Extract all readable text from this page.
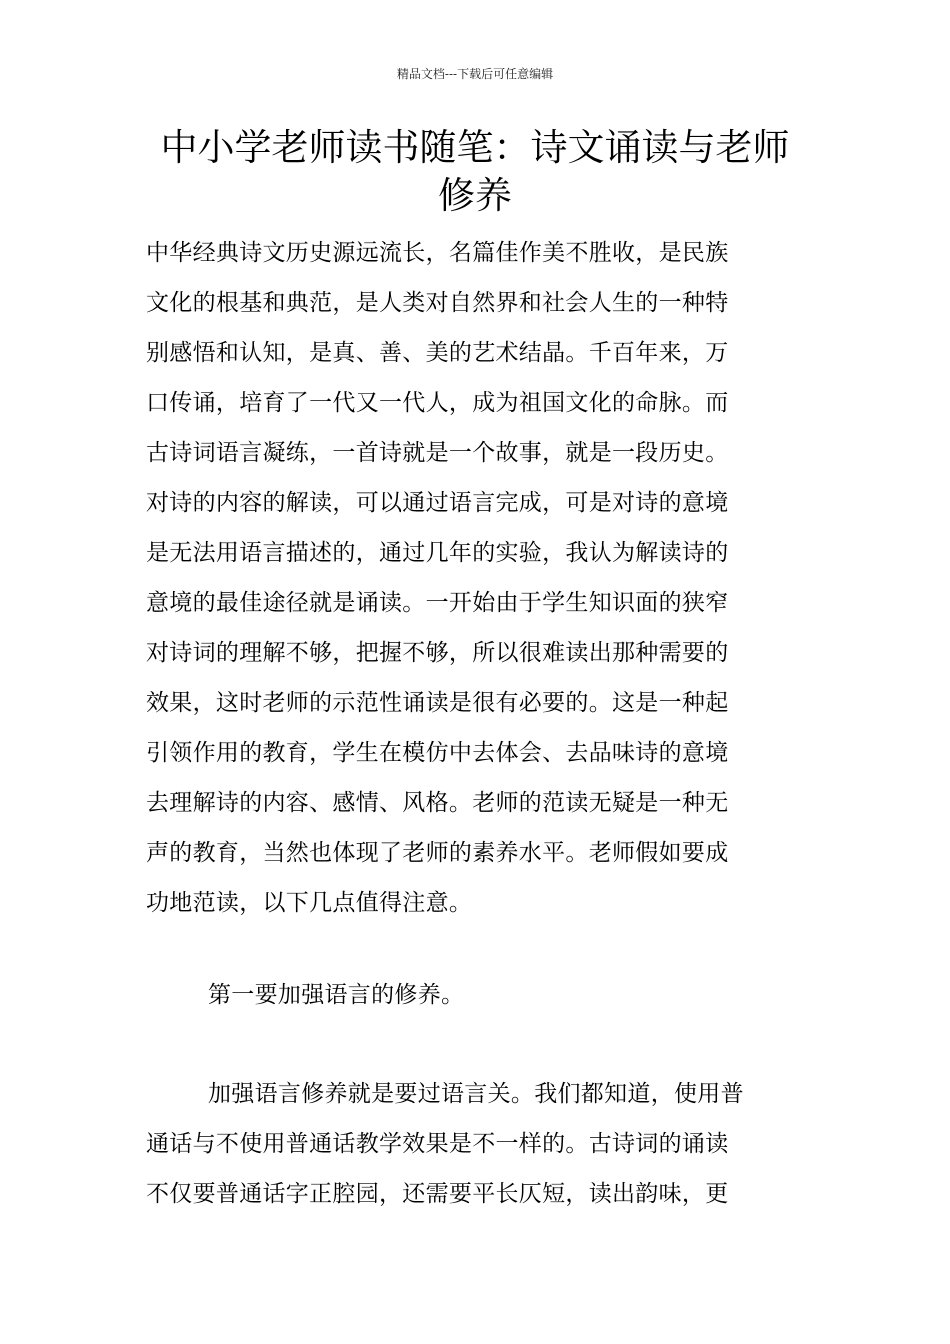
精品文档---下载后可任意编辑
中小学老师读书随笔：诗文诵读与老师
修养

中华经典诗文历史源远流长，名篇佳作美不胜收，是民族
文化的根基和典范，是人类对自然界和社会人生的一种特
别感悟和认知，是真、善、美的艺术结晶。千百年来，万
口传诵，培育了一代又一代人，成为祖国文化的命脉。而
古诗词语言凝练，一首诗就是一个故事，就是一段历史。
对诗的内容的解读，可以通过语言完成，可是对诗的意境
是无法用语言描述的，通过几年的实验，我认为解读诗的
意境的最佳途径就是诵读。一开始由于学生知识面的狭窄
对诗词的理解不够，把握不够，所以很难读出那种需要的
效果，这时老师的示范性诵读是很有必要的。这是一种起
引领作用的教育，学生在模仿中去体会、去品味诗的意境
去理解诗的内容、感情、风格。老师的范读无疑是一种无
声的教育，当然也体现了老师的素养水平。老师假如要成
功地范读，以下几点值得注意。

第一要加强语言的修养。

加强语言修养就是要过语言关。我们都知道，使用普
通话与不使用普通话教学效果是不一样的。古诗词的诵读
不仅要普通话字正腔园，还需要平长仄短，读出韵味，更
